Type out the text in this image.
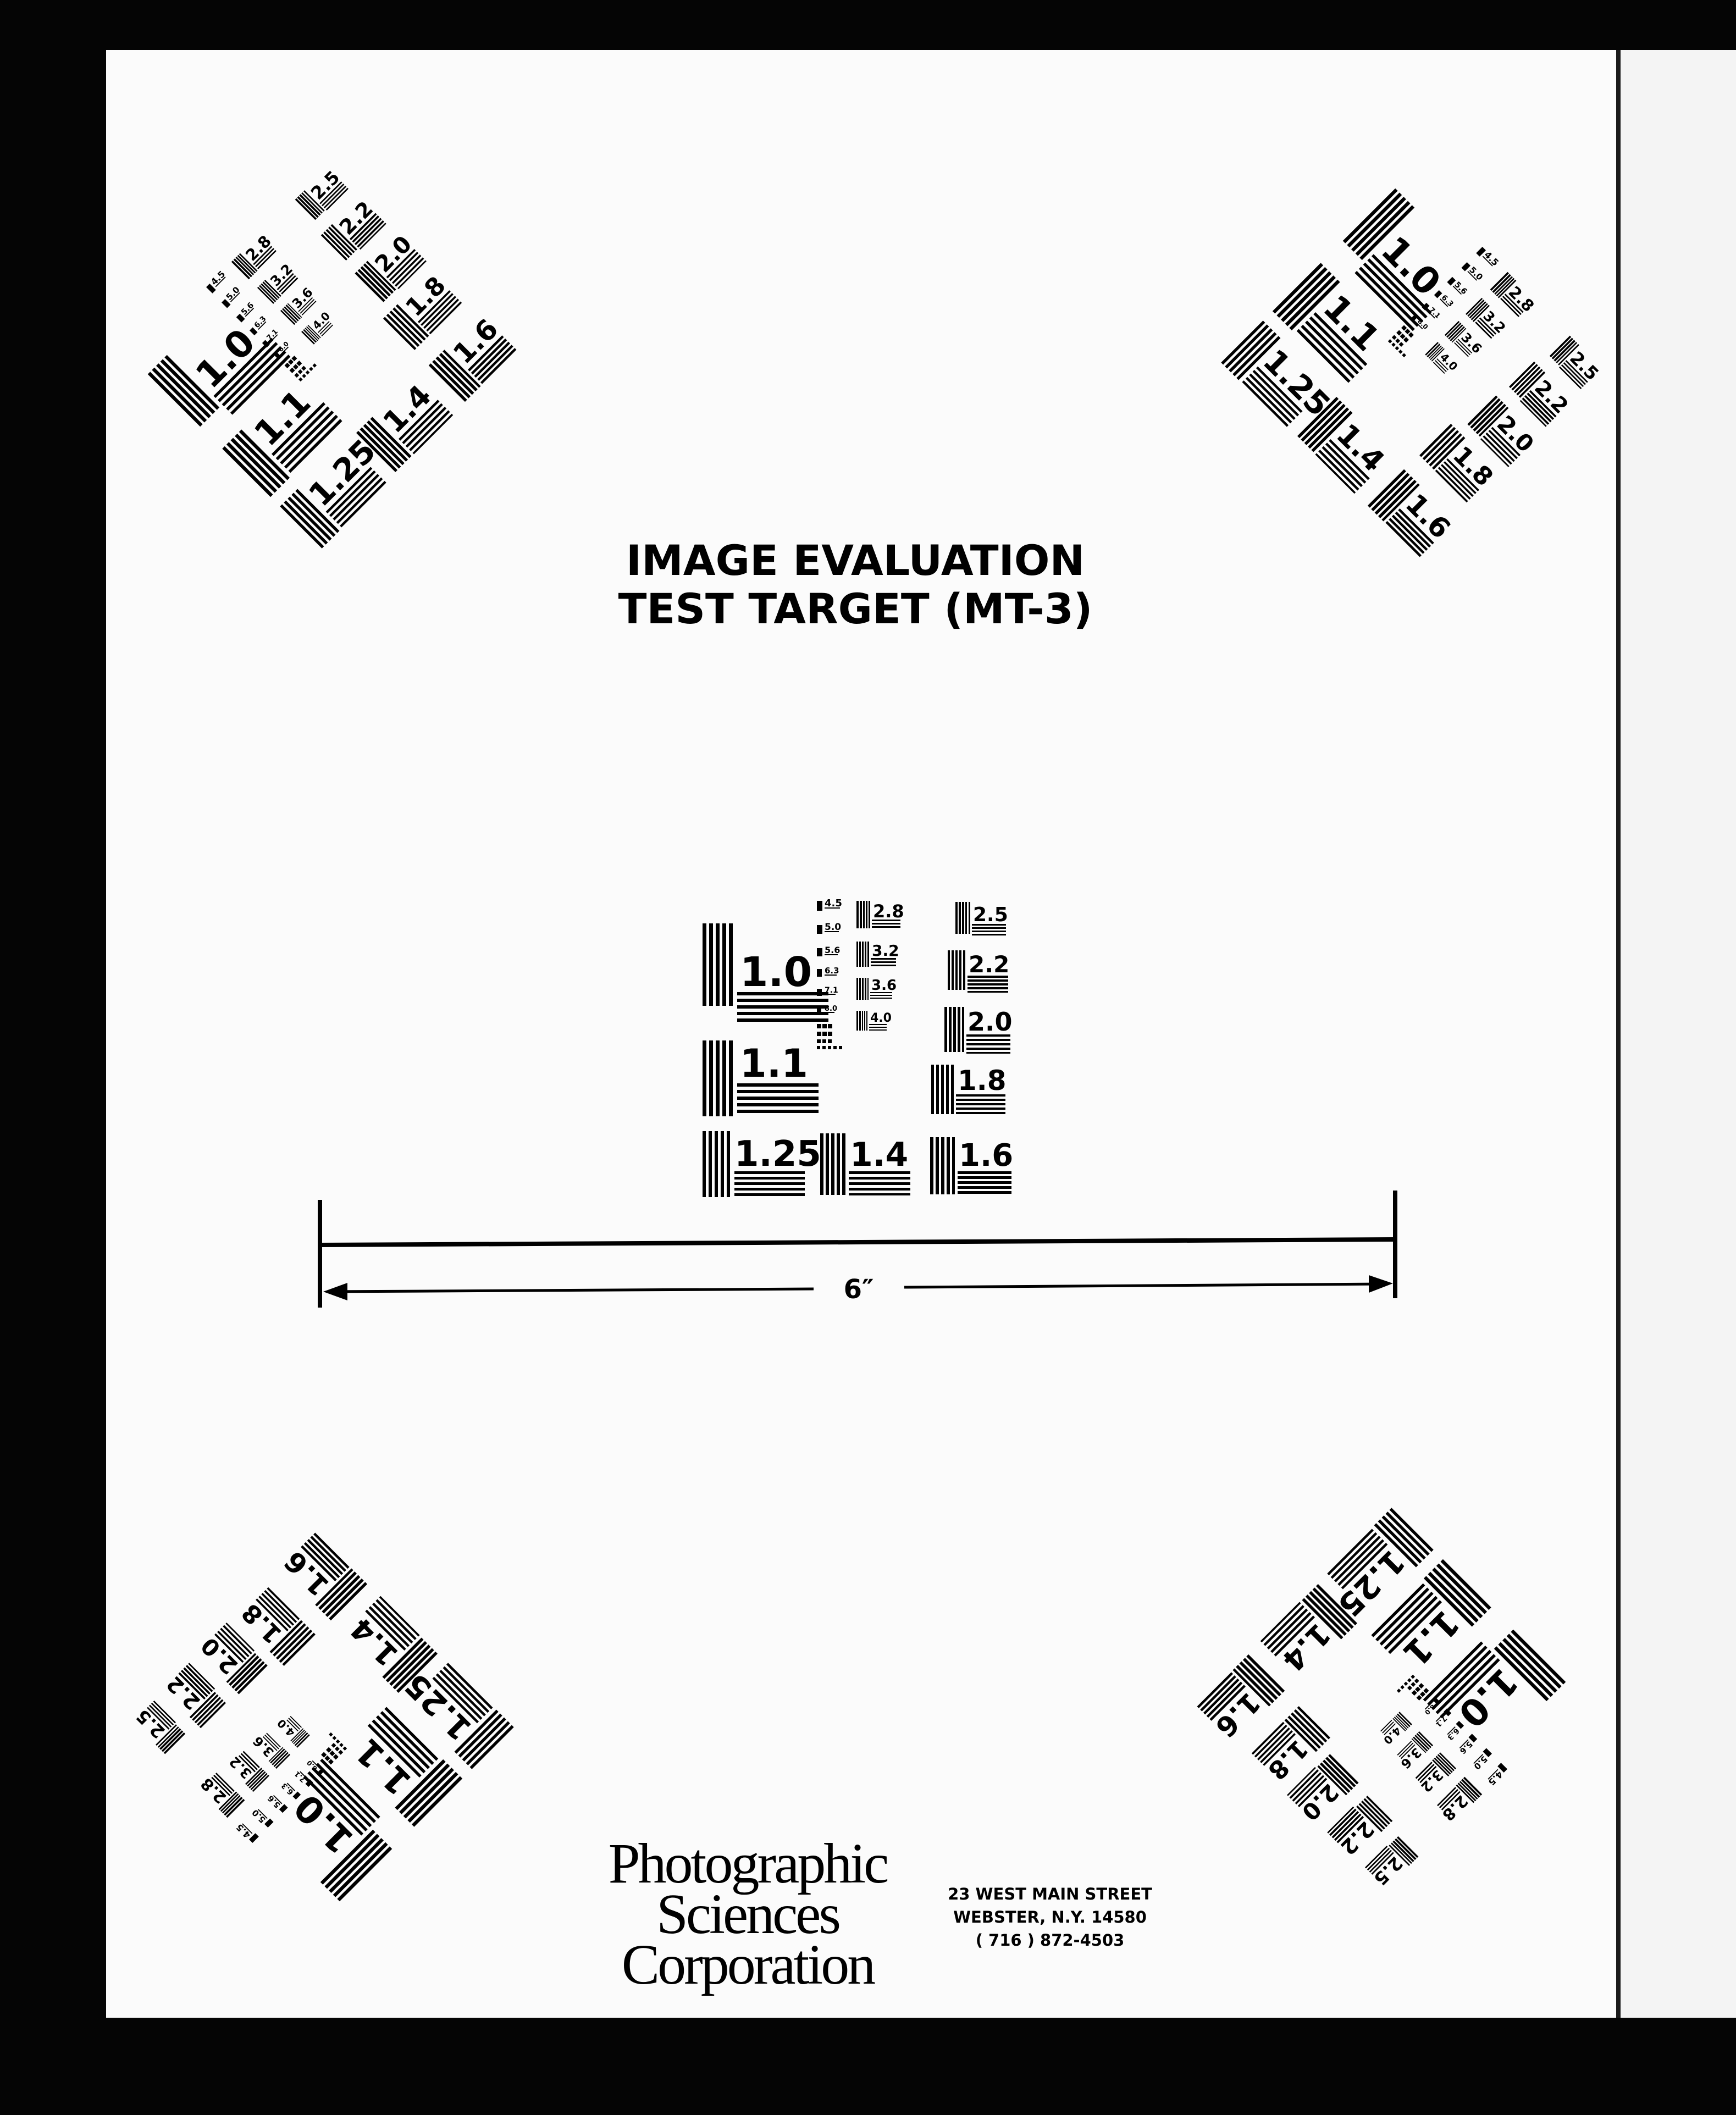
IMAGE EVALUATION
TEST TARGET (MT-3)
1.4	1.6
1.8
6″
Photographic
Sciences
Corporation
23 WEST MAIN STREET
WEBSTER, N.Y. 14580
( 716 ) 872-4503
